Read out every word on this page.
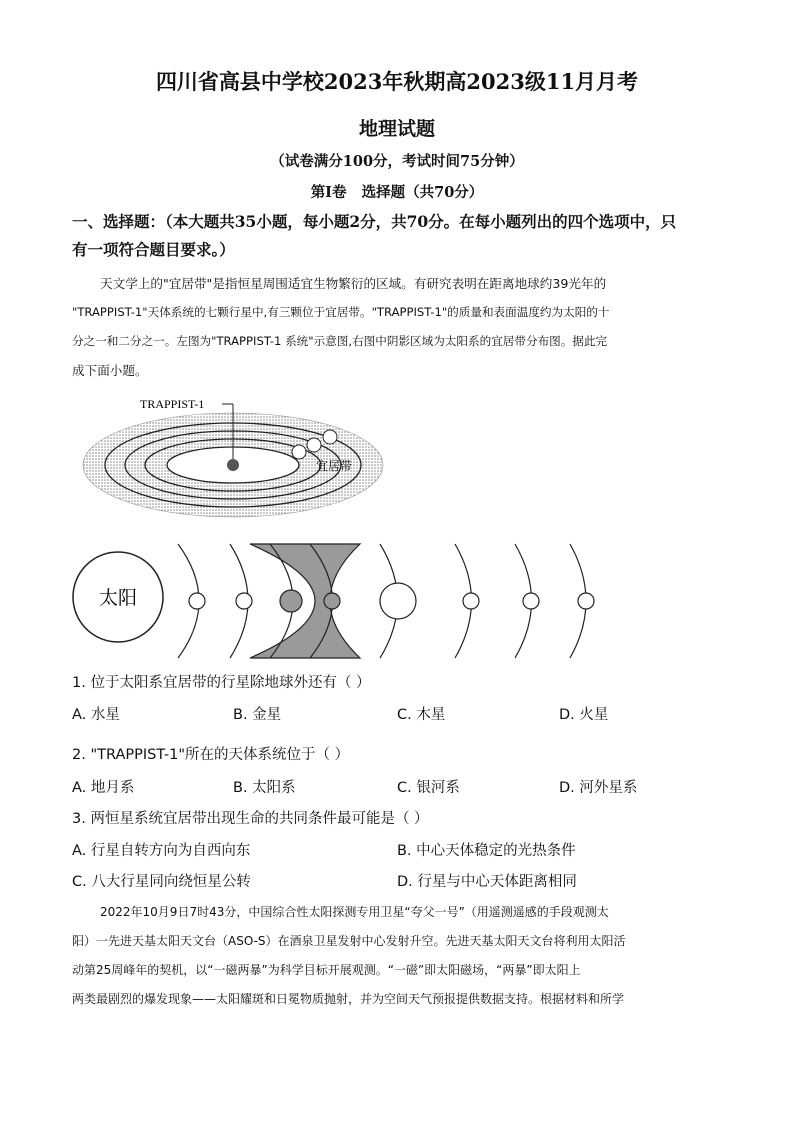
四川省高县中学校2023年秋期高2023级11月月考
地理试题
（试卷满分100分，考试时间75分钟）
第Ⅰ卷   选择题（共70分）
一、选择题：（本大题共35小题，每小题2分，共70分。在每小题列出的四个选项中，只
有一项符合题目要求。）
天文学上的"宜居带"是指恒星周围适宜生物繁衍的区域。有研究表明在距离地球约39光年的
"TRAPPIST-1"天体系统的七颗行星中,有三颗位于宜居带。"TRAPPIST-1"的质量和表面温度约为太阳的十
分之一和二分之一。左图为"TRAPPIST-1 系统"示意图,右图中阴影区域为太阳系的宜居带分布图。据此完
成下面小题。
TRAPPIST-1
宜居带
太阳
1. 位于太阳系宜居带的行星除地球外还有（ ）
A. 水星	B. 金星	C. 木星	D. 火星
2. "TRAPPIST-1"所在的天体系统位于（ ）
A. 地月系	B. 太阳系	C. 银河系	D. 河外星系
3. 两恒星系统宜居带出现生命的共同条件最可能是（ ）
A. 行星自转方向为自西向东	B. 中心天体稳定的光热条件
C. 八大行星同向绕恒星公转	D. 行星与中心天体距离相同
2022年10月9日7时43分，中国综合性太阳探测专用卫星“夸父一号”（用遥测遥感的手段观测太
阳）一先进天基太阳天文台（ASO-S）在酒泉卫星发射中心发射升空。先进天基太阳天文台将利用太阳活
动第25周峰年的契机，以“一磁两暴”为科学目标开展观测。“一磁”即太阳磁场，“两暴”即太阳上
两类最剧烈的爆发现象——太阳耀斑和日冕物质抛射，并为空间天气预报提供数据支持。根据材料和所学
